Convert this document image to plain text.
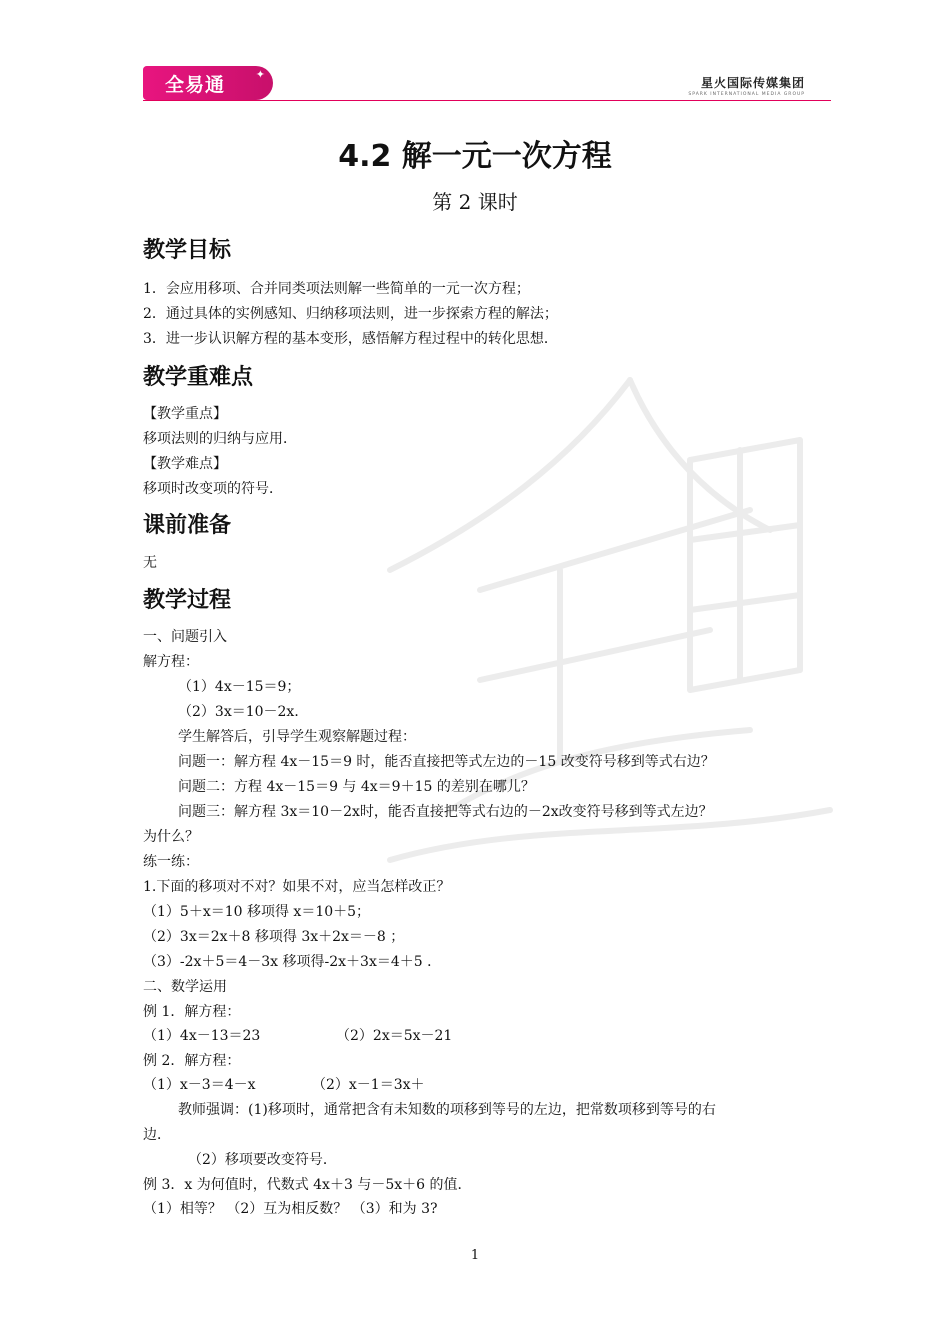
全易通	✦
星火国际传媒集团
SPARK INTERNATIONAL MEDIA GROUP
4.2 解一元一次方程
第 2 课时
教学目标
1．会应用移项、合并同类项法则解一些简单的一元一次方程；
2．通过具体的实例感知、归纳移项法则，进一步探索方程的解法；
3．进一步认识解方程的基本变形，感悟解方程过程中的转化思想．
教学重难点
【教学重点】
移项法则的归纳与应用．
【教学难点】
移项时改变项的符号．
课前准备
无
教学过程
一、问题引入
解方程：
（1）4x－15＝9；
（2）3x＝10－2x．
学生解答后，引导学生观察解题过程：
问题一：解方程 4x－15＝9 时，能否直接把等式左边的－15 改变符号移到等式右边？
问题二：方程 4x－15＝9 与 4x＝9＋15 的差别在哪儿？
问题三：解方程 3x＝10－2x时，能否直接把等式右边的－2x改变符号移到等式左边？
为什么？
练一练：
1.下面的移项对不对？如果不对，应当怎样改正？
（1）5＋x＝10 移项得 x＝10＋5；
（2）3x＝2x＋8 移项得 3x＋2x＝－8 ；
（3）-2x＋5＝4－3x 移项得-2x＋3x＝4＋5 ．
二、数学运用
例 1．解方程：
（1）4x－13＝23	（2）2x＝5x－21
例 2．解方程：
（1）x－3＝4－x	（2）x－1＝3x＋
教师强调：(1)移项时，通常把含有未知数的项移到等号的左边，把常数项移到等号的右
边．
（2）移项要改变符号．
例 3．x 为何值时，代数式 4x＋3 与－5x＋6 的值．
（1）相等？ （2）互为相反数？ （3）和为 3?
1
